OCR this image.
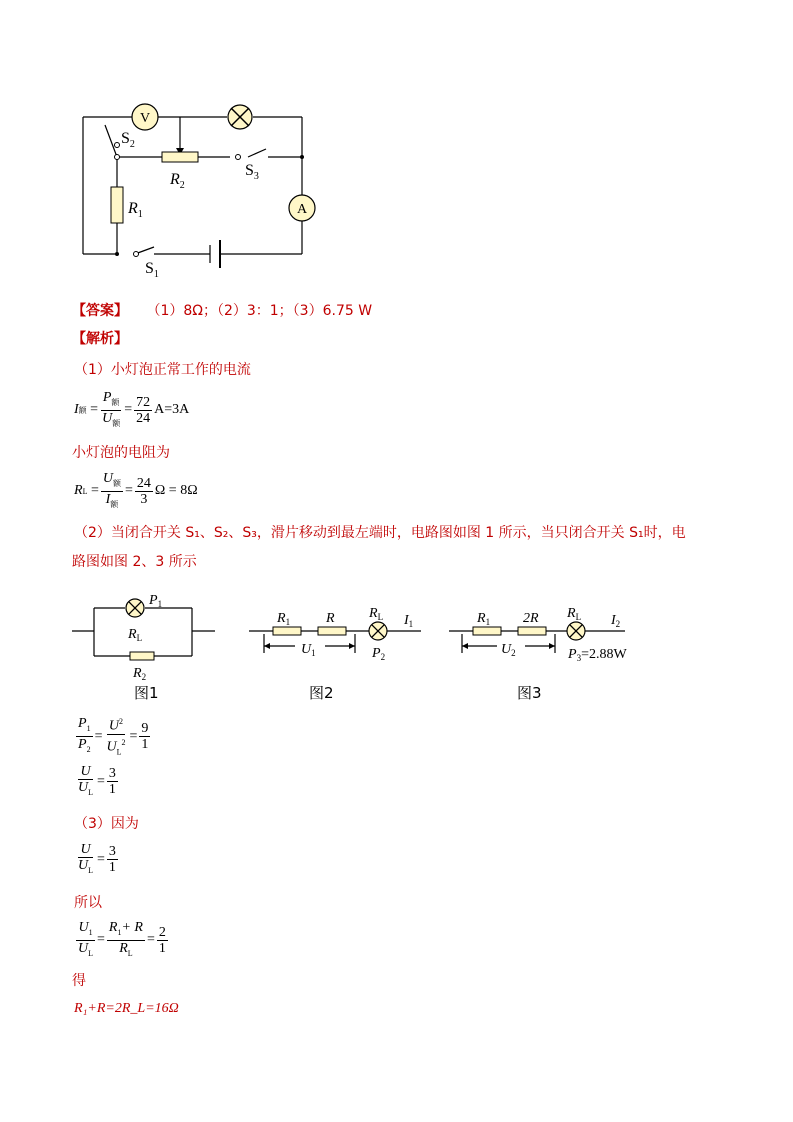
V
A
$S_2$
$R_2$
$S_3$
$R_1$
$S_1$
【答案】 （1）8Ω；（2）3：1；（3）6.75 W
【解析】
（1）小灯泡正常工作的电流
I 额 = $\frac{P_额}{U_额} = \frac{72}{24} A=3A$
小灯泡的电阻为
R $L = \frac{U_额}{I_额} = \frac{24}{3}$ Ω = 8Ω
（2）当闭合开关 S₁、S₂、S₃，滑片移动到最左端时，电路图如图 1 所示，当只闭合开关 S₁时，电
路图如图 2、3 所示
$P_1$
$R_L$
$R_2$
图1
$R_1$	R $R_L$ $I_1$
$U_1$	$P_2$
图2
$R_1$ 2R $R_L$ $I_2$
$U_2$	$P_3=2.88W$
图3
$\frac{P_1}{P_2} = \frac{U^2}{U_L^2} = \frac{9}{1}$
$\frac{U}{U_L} = \frac{3}{1}$
（3）因为
$\frac{U}{U_L} = \frac{3}{1}$
所以
$\frac{U_1}{U_L} = \frac{R_1+ R}{R_L} = \frac{2}{1}$
得
R₁+R=2R_L=16Ω
